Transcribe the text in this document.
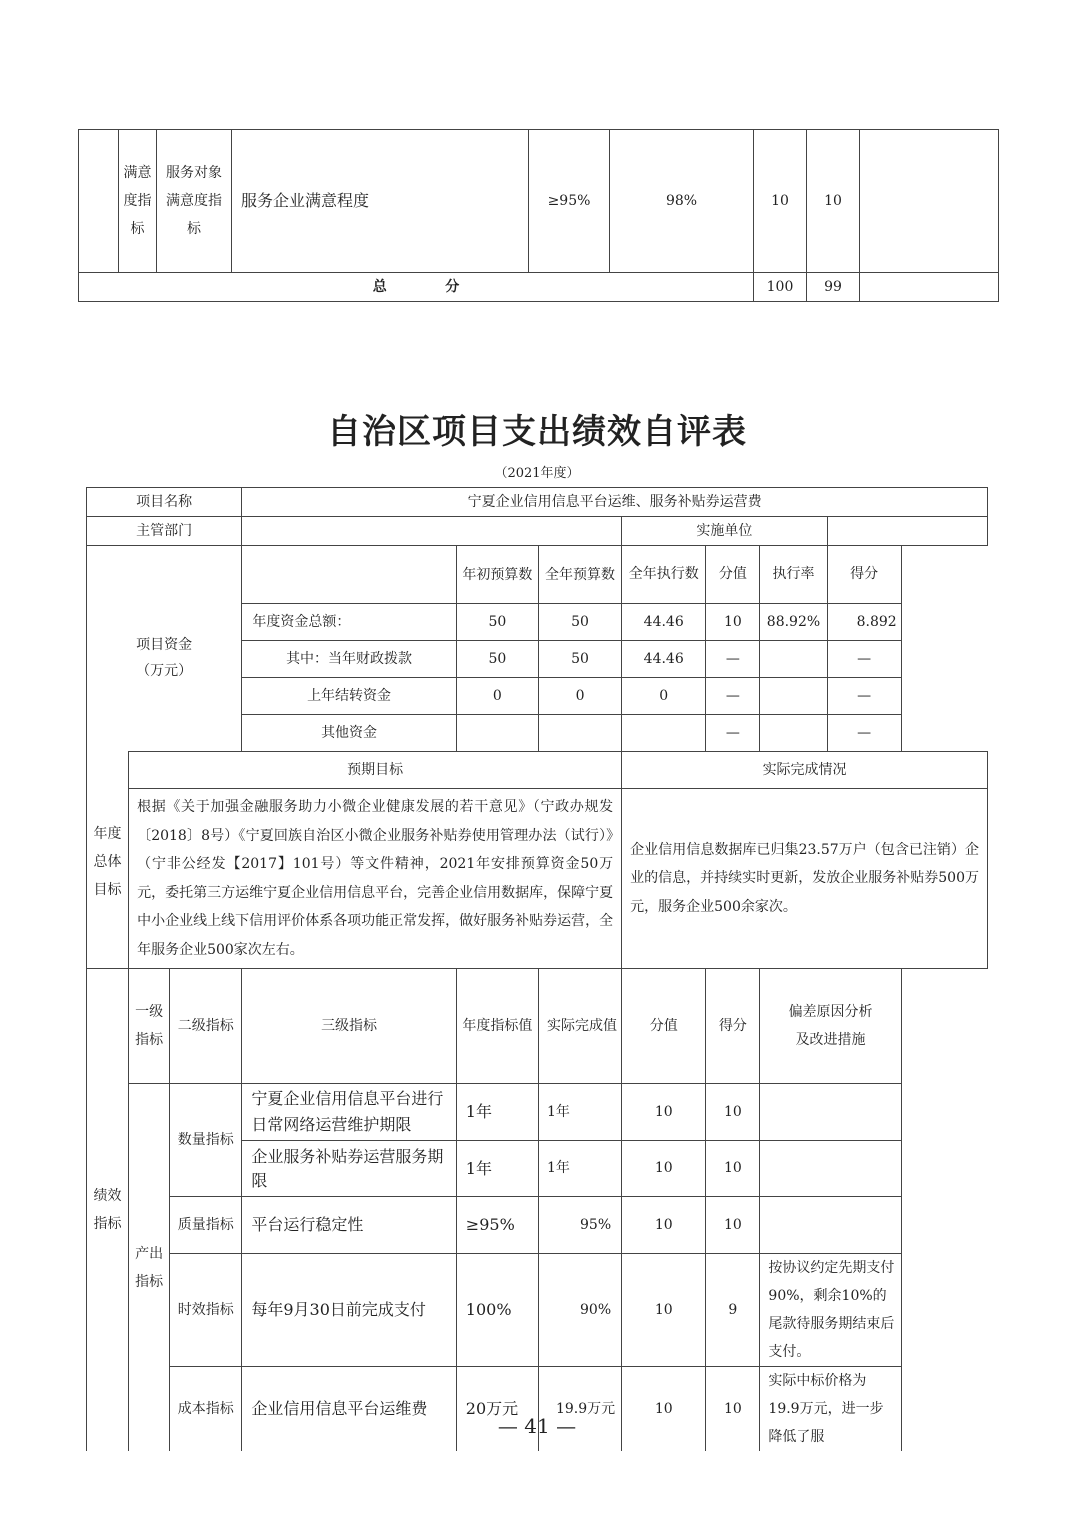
	满意度指标	服务对象满意度指标	服务企业满意程度	≥95%	98%	10	10	
总            分						100	99	
自治区项目支出绩效自评表
（2021年度）
项目名称			宁夏企业信用信息平台运维、服务补贴券运营费						
主管部门						实施单位			
项目资金
（万元）				年初预算数	全年预算数	全年执行数	分值	执行率	得分
			年度资金总额：	50	50	44.46	10	88.92%	8.892
			其中：当年财政拨款	50	50	44.46	—		—
			上年结转资金	0	0	0	—		—
			其他资金				—		—
年度总体目标	预期目标					实际完成情况			
	根据《关于加强金融服务助力小微企业健康发展的若干意见》（宁政办规发〔2018〕8号）《宁夏回族自治区小微企业服务补贴券使用管理办法（试行）》（宁非公经发【2017】101号）等文件精神，2021年安排预算资金50万元，委托第三方运维宁夏企业信用信息平台，完善企业信用数据库，保障宁夏中小企业线上线下信用评价体系各项功能正常发挥，做好服务补贴券运营，全年服务企业500家次左右。					企业信用信息数据库已归集23.57万户（包含已注销）企业的信息，并持续实时更新，发放企业服务补贴券500万元，服务企业500余家次。			
绩效指标	一级指标	二级指标	三级指标	年度指标值	实际完成值	分值	得分	偏差原因分析
及改进措施	
	产出指标	数量指标	宁夏企业信用信息平台进行日常网络运营维护期限	1年	1年	10	10		
			企业服务补贴券运营服务期限	1年	1年	10	10		
		质量指标	平台运行稳定性	≥95%	95%	10	10		
		时效指标	每年9月30日前完成支付	100%	90%	10	9	按协议约定先期支付90%，剩余10%的尾款待服务期结束后支付。	
		成本指标	企业信用信息平台运维费	20万元	19.9万元	10	10	实际中标价格为19.9万元，进一步降低了服	
— 41 —
